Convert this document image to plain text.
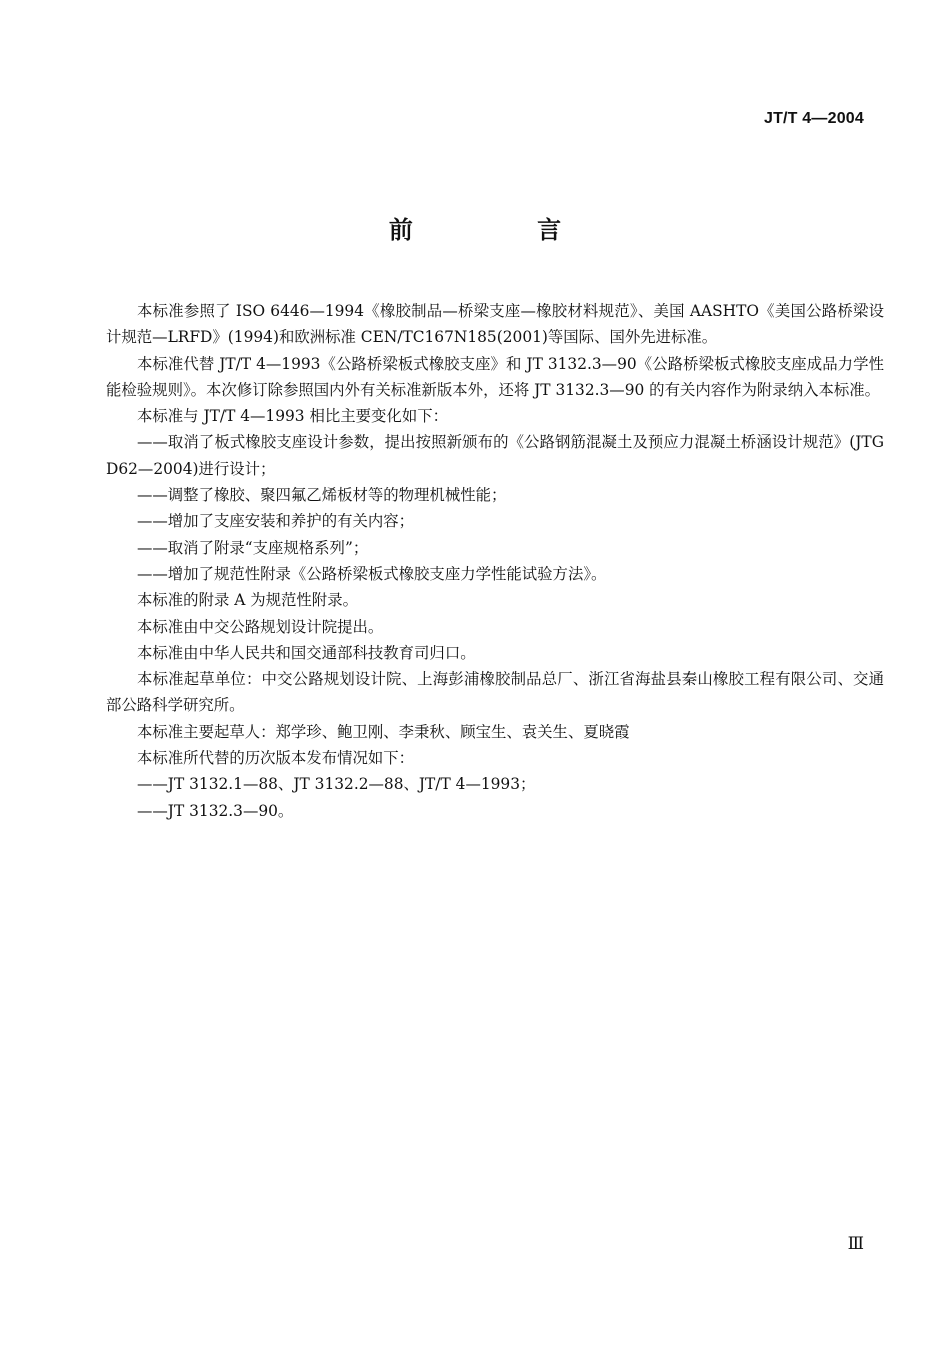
JT/T 4—2004
前 言

本标准参照了 ISO 6446—1994《橡胶制品—桥梁支座—橡胶材料规范》、美国 AASHTO《美国公路桥梁设计规范—LRFD》(1994)和欧洲标准 CEN/TC167N185(2001)等国际、国外先进标准。

本标准代替 JT/T 4—1993《公路桥梁板式橡胶支座》和 JT 3132.3—90《公路桥梁板式橡胶支座成品力学性能检验规则》。本次修订除参照国内外有关标准新版本外，还将 JT 3132.3—90 的有关内容作为附录纳入本标准。

本标准与 JT/T 4—1993 相比主要变化如下：

——取消了板式橡胶支座设计参数，提出按照新颁布的《公路钢筋混凝土及预应力混凝土桥涵设计规范》(JTG D62—2004)进行设计；

——调整了橡胶、聚四氟乙烯板材等的物理机械性能；

——增加了支座安装和养护的有关内容；

——取消了附录“支座规格系列”；

——增加了规范性附录《公路桥梁板式橡胶支座力学性能试验方法》。

本标准的附录 A 为规范性附录。

本标准由中交公路规划设计院提出。

本标准由中华人民共和国交通部科技教育司归口。

本标准起草单位：中交公路规划设计院、上海彭浦橡胶制品总厂、浙江省海盐县秦山橡胶工程有限公司、交通部公路科学研究所。

本标准主要起草人：郑学珍、鲍卫刚、李秉秋、顾宝生、袁关生、夏晓霞

本标准所代替的历次版本发布情况如下：

——JT 3132.1—88、JT 3132.2—88、JT/T 4—1993；

——JT 3132.3—90。

Ⅲ
